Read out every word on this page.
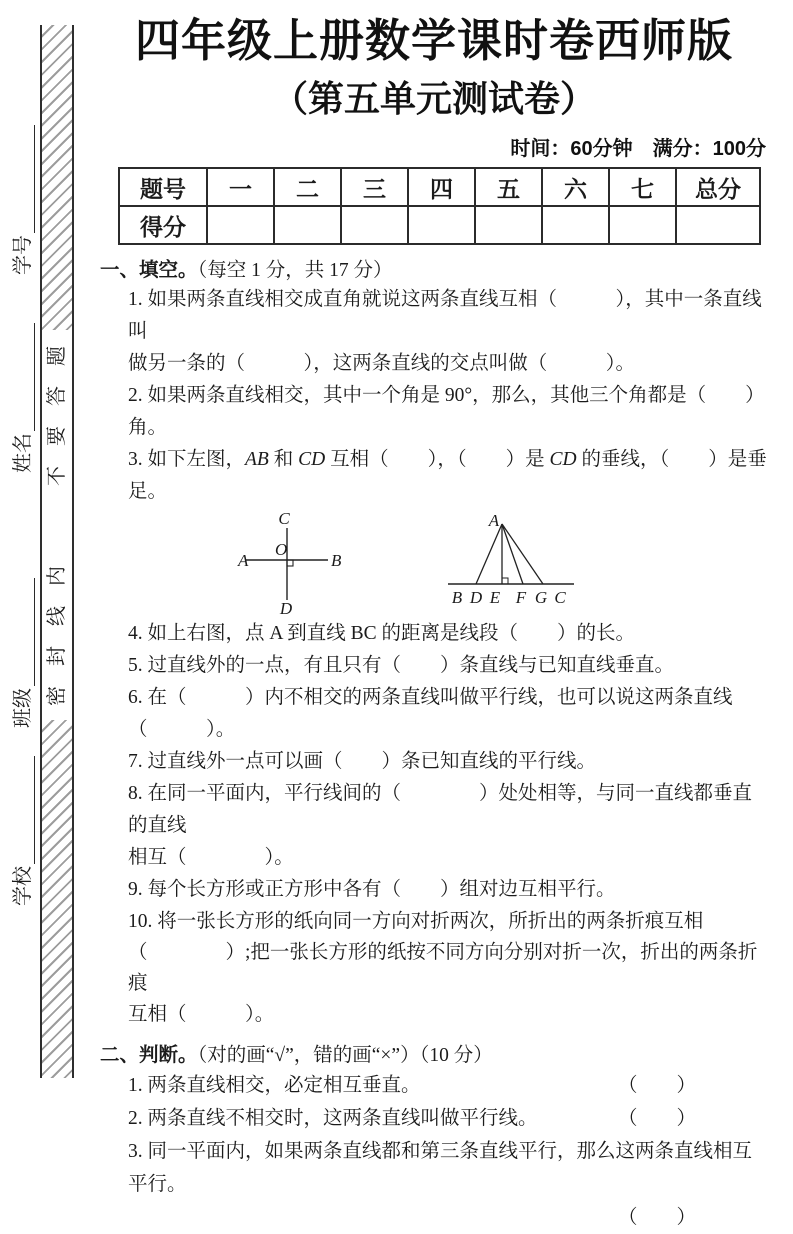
题
答
要
不
内
线
封
密
学号
姓名
班级
学校
四年级上册数学课时卷西师版
（第五单元测试卷）
时间：60分钟　满分：100分
题号	一	二	三	四	五	六	七	总分
得分								
一、填空。（每空 1 分，共 17 分）
1. 如果两条直线相交成直角就说这两条直线互相（　　　），其中一条直线叫
做另一条的（　　　），这两条直线的交点叫做（　　　）。
2. 如果两条直线相交，其中一个角是 90°，那么，其他三个角都是（　　）角。
3. 如下左图，AB 和 CD 互相（　　），（　　）是 CD 的垂线，（　　）是垂足。
C
D
A	B
O
A
B D E F G C
4. 如上右图，点 A 到直线 BC 的距离是线段（　　）的长。
5. 过直线外的一点，有且只有（　　）条直线与已知直线垂直。
6. 在（　　　）内不相交的两条直线叫做平行线，也可以说这两条直线（　　　）。
7. 过直线外一点可以画（　　）条已知直线的平行线。
8. 在同一平面内，平行线间的（　　　　）处处相等，与同一直线都垂直的直线
相互（　　　　）。
9. 每个长方形或正方形中各有（　　）组对边互相平行。
10. 将一张长方形的纸向同一方向对折两次，所折出的两条折痕互相
（　　　　）;把一张长方形的纸按不同方向分别对折一次，折出的两条折痕
互相（　　　）。
二、判断。（对的画“√”，错的画“×”）（10 分）
1. 两条直线相交，必定相互垂直。	（　　）
2. 两条直线不相交时，这两条直线叫做平行线。	（　　）
3. 同一平面内，如果两条直线都和第三条直线平行，那么这两条直线相互平行。
（　　）
